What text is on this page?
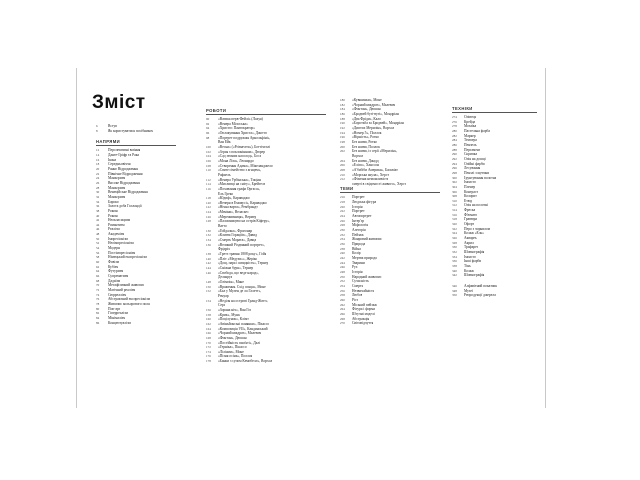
Зміст
6	Вступ
8	Як користуватися посібником
НАПРЯМИ
12	Перспективні вміння
14	Данте-Гріфр та Рака
16	Ікона
18	Середньовіччя
20	Раннє Відродження
22	Північне Відродження
24	Маньєризм
26	Високе Відродження
28	Маньєризм
30	Венеційське Відродження
32	Маньєризм
34	Бароко
36	Золота доба Голландії
38	Рококо
40	Рококо
42	Неокласицизм
44	Романтизм
46	Реалізм
48	Академізм
50	Імпресіонізм
52	Неоімпресіонізм
54	Модерн
56	Постімпресіонізм
58	Німецький експресіонізм
60	Фовізм
62	Кубізм
64	Футуризм
66	Супрематизм
68	Дадаїзм
70	Метафізичний живопис
72	Магічний реалізм
74	Сюрреалізм
76	Абстрактний експресіонізм
78	Живопис кольорового поля
80	Поп-арт
82	Гіперреалізм
84	Мінімалізм
86	Концептуалізм
РОБОТИ
90	«Ватика перв-Фейлі» (Лахуя)
92	«Венера Мілоська»
94	«Христос Пантократор»
96	«Оплакування Христа», Джотто
98	«Портрет подружжя Арнольфіні»,
Ван Ейк
100	«Весна» («Primavera»), Боттічеллі
102	«Зграя з поклонінням», Дюрер
104	«Сад земних насолод», Босх
106	«Мона Ліза», Леонардо
108	«Створення Адама», Мікеланджело
110	«Святе сімейство з агнцем»,
Рафаель
112	«Венера Урбінська», Тиціан
114	«Мисливці на снігу», Брейгель
116	«Поховання графа Оргаса»,
Ель Греко
118	«Юдиф», Караваджо
120	«Вечеря в Еммаусі», Караваджо
122	«Нічна варта», Рембрандт
124	«Меніни», Веласкес
126	«Мереживниця», Вермер
128	«Паломництво на острів Кіферу»,
Ватто
130	«Гойдалка», Фрагонар
132	«Клятва Гораціїв», Давид
134	«Смерть Марата», Давид
136	«Великий Різдвяний портрет»,
Фрідріх
138	«Третє травня 1808 року», Гойя
140	«Пліт «Медузи»», Жеріко
142	«Дощ, пара і швидкість», Тернер
144	«Сніжна буря», Тернер
146	«Свобода, що веде народ»,
Делакруа
148	«Олімпія», Мане
150	«Враження. Схід сонця», Моне
152	«Бал у Мулен де ла Галетт»,
Ренуар
154	«Неділя на острові Гранд-Жатт»,
Сера
156	«Зоряна ніч», Ван Гог
158	«Крик», Мунк
160	«Поцілунок», Клімт
162	«Авіньйонські панянки», Пікассо
164	«Композиція VII», Кандинський
166	«Чорний квадрат», Малевич
168	«Фонтан», Дюшан
170	«Постійність пам'яті», Далі
172	«Герніка», Пікассо
174	«Ліліями», Моне
176	«Пізня осінь», Поллок
178	«Банки з супом Кемпбелл», Ворхол
180	«Кувшинки», Моне
182	«Чорний квадрат», Малевич
184	«Фонтан», Дюшан
186	«Бродвей бугі-вугі», Мондріан
188	«Два Фріди», Кало
190	«Боротьба за Бродвей», Мондріан
192	«Диптих Мерилін», Ворхол
194	«Номер 5», Поллок
196	«Вірність», Ротко
198	Без назви, Ротко
200	Без назви, Поллок
202	Без назви, із серії «Мерилін»,
Ворхол
204	Без назви, Джадд
206	«Еліпс», Ханссон
208	«А'бабіби Америка», Басквіат
210	«Морська акула», Херст
212	«Фізична неможливість
смерті в свідомості живого», Херст
ТЕМИ
216	Портрет
218	Людська фігура
220	Історія
222	Портрет
224	Автопортрет
226	Інтер'єр
228	Міфологія
230	Алегорія
232	Пейзаж
234	Жанровий живопис
236	Природа
238	Війна
240	Колір
242	Мертва природа
244	Тварини
246	Рух
248	Історія
250	Народний живопис
252	Сучасність
254	Смерть
256	Незвичайність
258	Любов
260	Ріст
262	Міський пейзаж
264	Фігура і форма
266	Штучні моделі
268	Абстракція
270	Світовідчуття
ТЕХНІКИ
274	Олівець
276	Крейда
278	Мозаїка
280	Пастельна фарба
282	Маркер
284	Темпера
286	Пензель
288	Пергамент
290	Скрипка
292	Олія на дошці
294	Олійні фарби
296	Лесування
298	Пензлі з щетини
300	Ґрунтування полотна
302	Імпасто
304	Пленер
306	Контраст
308	Колорит
310	Етюд
312	Олія на полотні
314	Фреска
316	Ф'юмато
318	Гравюра
320	Офорт
322	Перо з чорнилом
324	Колаж «Ель»
326	Аквареь
328	Акрил
330	Трафарет
332	Шовкографія
334	Імпасто
336	Інші фарби
338	Тінь
340	Колаж
342	Шовкографія
346	Алфавітний показчик
348	Музеї
350	Репродукції джерела
